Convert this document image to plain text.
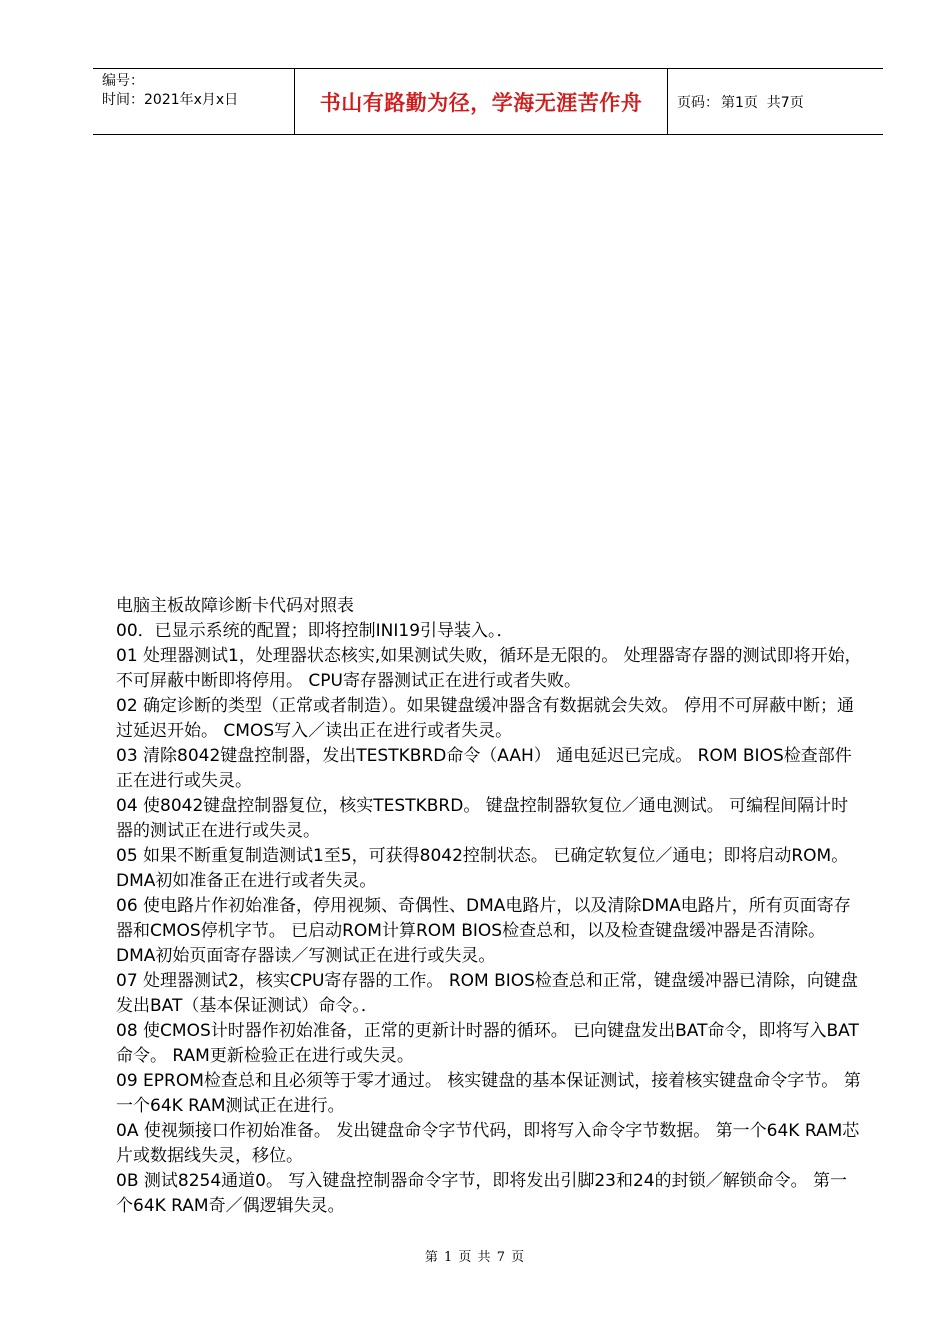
编号：
时间：2021年x月x日	书山有路勤为径，学海无涯苦作舟 页码： 第1页  共7页

电脑主板故障诊断卡代码对照表

00．已显示系统的配置；即将控制INI19引导装入。．

01 处理器测试1，处理器状态核实,如果测试失败，循环是无限的。 处理器寄存器的测试即将开始，不可屏蔽中断即将停用。 CPU寄存器测试正在进行或者失败。

02 确定诊断的类型（正常或者制造）。如果键盘缓冲器含有数据就会失效。 停用不可屏蔽中断；通过延迟开始。 CMOS写入／读出正在进行或者失灵。

03 清除8042键盘控制器，发出TESTKBRD命令（AAH） 通电延迟已完成。 ROM BIOS检查部件正在进行或失灵。

04 使8042键盘控制器复位，核实TESTKBRD。 键盘控制器软复位／通电测试。 可编程间隔计时器的测试正在进行或失灵。

05 如果不断重复制造测试1至5，可获得8042控制状态。 已确定软复位／通电；即将启动ROM。 DMA初如准备正在进行或者失灵。

06 使电路片作初始准备，停用视频、奇偶性、DMA电路片，以及清除DMA电路片，所有页面寄存器和CMOS停机字节。 已启动ROM计算ROM BIOS检查总和，以及检查键盘缓冲器是否清除。 DMA初始页面寄存器读／写测试正在进行或失灵。

07 处理器测试2，核实CPU寄存器的工作。 ROM BIOS检查总和正常，键盘缓冲器已清除，向键盘发出BAT（基本保证测试）命令。．

08 使CMOS计时器作初始准备，正常的更新计时器的循环。 已向键盘发出BAT命令，即将写入BAT命令。 RAM更新检验正在进行或失灵。

09 EPROM检查总和且必须等于零才通过。 核实键盘的基本保证测试，接着核实键盘命令字节。 第一个64K RAM测试正在进行。

0A 使视频接口作初始准备。 发出键盘命令字节代码，即将写入命令字节数据。 第一个64K RAM芯片或数据线失灵，移位。

0B 测试8254通道0。 写入键盘控制器命令字节，即将发出引脚23和24的封锁／解锁命令。 第一个64K RAM奇／偶逻辑失灵。

第 1 页 共 7 页
